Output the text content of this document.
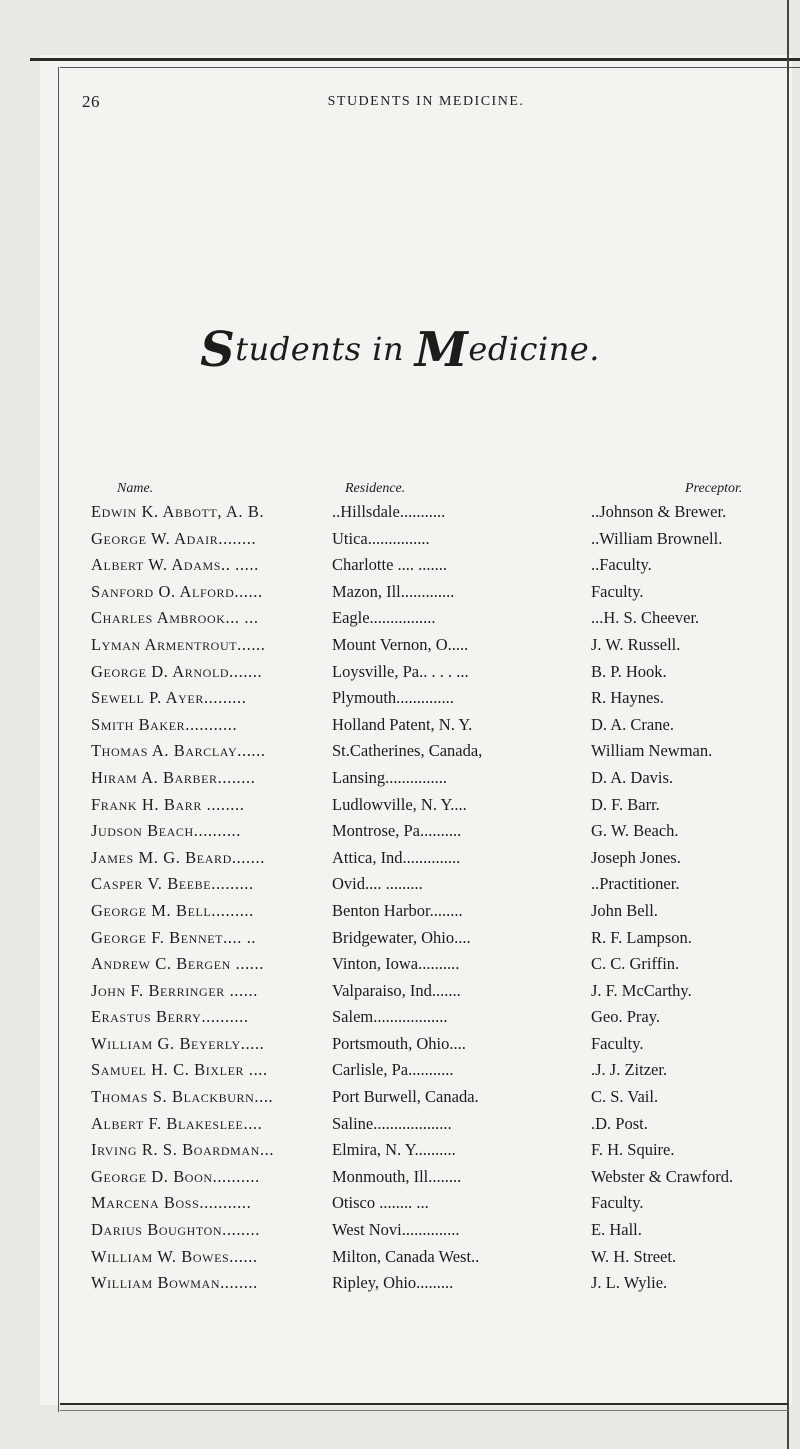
26	STUDENTS IN MEDICINE.
Students in Medicine.
Name.	Residence.	Preceptor.
Edwin K. Abbott, A. B.	..Hillsdale...........	..Johnson & Brewer.
George W. Adair........	Utica...............	..William Brownell.
Albert W. Adams.. .....	Charlotte .... .......	..Faculty.
Sanford O. Alford......	Mazon, Ill.............	Faculty.
Charles Ambrook... ...	Eagle................	...H. S. Cheever.
Lyman Armentrout......	Mount Vernon, O.....	J. W. Russell.
George D. Arnold.......	Loysville, Pa.. . . . ...	B. P. Hook.
Sewell P. Ayer.........	Plymouth..............	R. Haynes.
Smith Baker...........	Holland Patent, N. Y.	D. A. Crane.
Thomas A. Barclay......	St.Catherines, Canada,	William Newman.
Hiram A. Barber........	Lansing...............	D. A. Davis.
Frank H. Barr ........	Ludlowville, N. Y....	D. F. Barr.
Judson Beach..........	Montrose, Pa..........	G. W. Beach.
James M. G. Beard.......	Attica, Ind..............	Joseph Jones.
Casper V. Beebe.........	Ovid.... .........	..Practitioner.
George M. Bell.........	Benton Harbor........	John Bell.
George F. Bennet.... ..	Bridgewater, Ohio....	R. F. Lampson.
Andrew C. Bergen ......	Vinton, Iowa..........	C. C. Griffin.
John F. Berringer ......	Valparaiso, Ind.......	J. F. McCarthy.
Erastus Berry..........	Salem..................	Geo. Pray.
William G. Beyerly.....	Portsmouth, Ohio....	Faculty.
Samuel H. C. Bixler ....	Carlisle, Pa...........	.J. J. Zitzer.
Thomas S. Blackburn....	Port Burwell, Canada.	C. S. Vail.
Albert F. Blakeslee....	Saline...................	.D. Post.
Irving R. S. Boardman...	Elmira, N. Y..........	F. H. Squire.
George D. Boon..........	Monmouth, Ill........	Webster & Crawford.
Marcena Boss...........	Otisco ........ ...	Faculty.
Darius Boughton........	West Novi..............	E. Hall.
William W. Bowes......	Milton, Canada West..	W. H. Street.
William Bowman........	Ripley, Ohio.........	J. L. Wylie.
